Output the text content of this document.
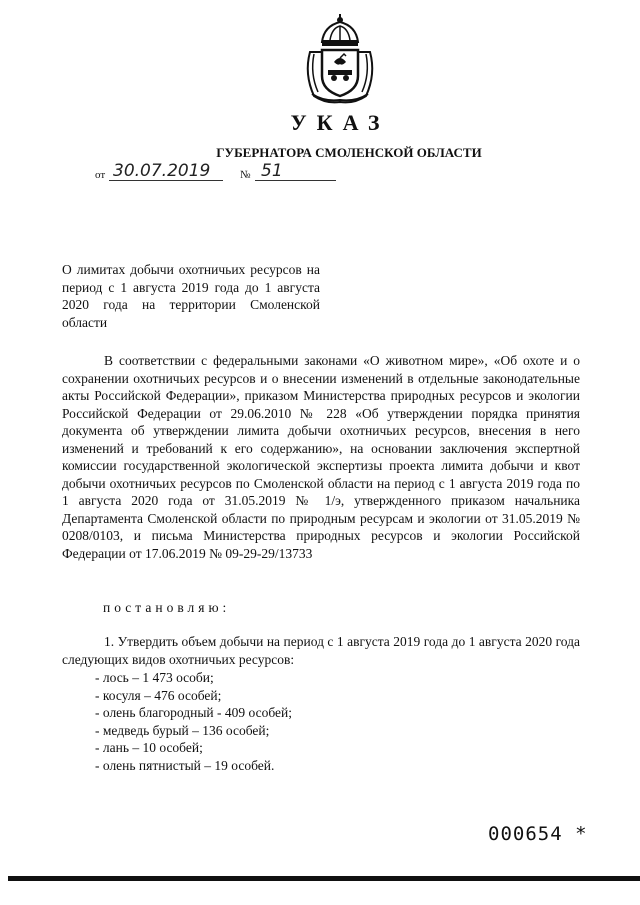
УКАЗ
ГУБЕРНАТОРА СМОЛЕНСКОЙ ОБЛАСТИ
от 30.07.2019	№ 51
О лимитах добычи охотничьих ресурсов на период с 1 августа 2019 года до 1 августа 2020 года на территории Смоленской области

В соответствии с федеральными законами «О животном мире», «Об охоте и о сохранении охотничьих ресурсов и о внесении изменений в отдельные законодательные акты Российской Федерации», приказом Министерства природных ресурсов и экологии Российской Федерации от 29.06.2010 № 228 «Об утверждении порядка принятия документа об утверждении лимита добычи охотничьих ресурсов, внесения в него изменений и требований к его содержанию», на основании заключения экспертной комиссии государственной экологической экспертизы проекта лимита добычи и квот добычи охотничьих ресурсов по Смоленской области на период с 1 августа 2019 года по 1 августа 2020 года от 31.05.2019 № 1/э, утвержденного приказом начальника Департамента Смоленской области по природным ресурсам и экологии от 31.05.2019 № 0208/0103, и письма Министерства природных ресурсов и экологии Российской Федерации от 17.06.2019 № 09-29-29/13733

постановляю:

1. Утвердить объем добычи на период с 1 августа 2019 года до 1 августа 2020 года следующих видов охотничьих ресурсов:

- лось – 1 473 особи;
- косуля – 476 особей;
- олень благородный - 409 особей;
- медведь бурый – 136 особей;
- лань – 10 особей;
- олень пятнистый – 19 особей.
000654 *
